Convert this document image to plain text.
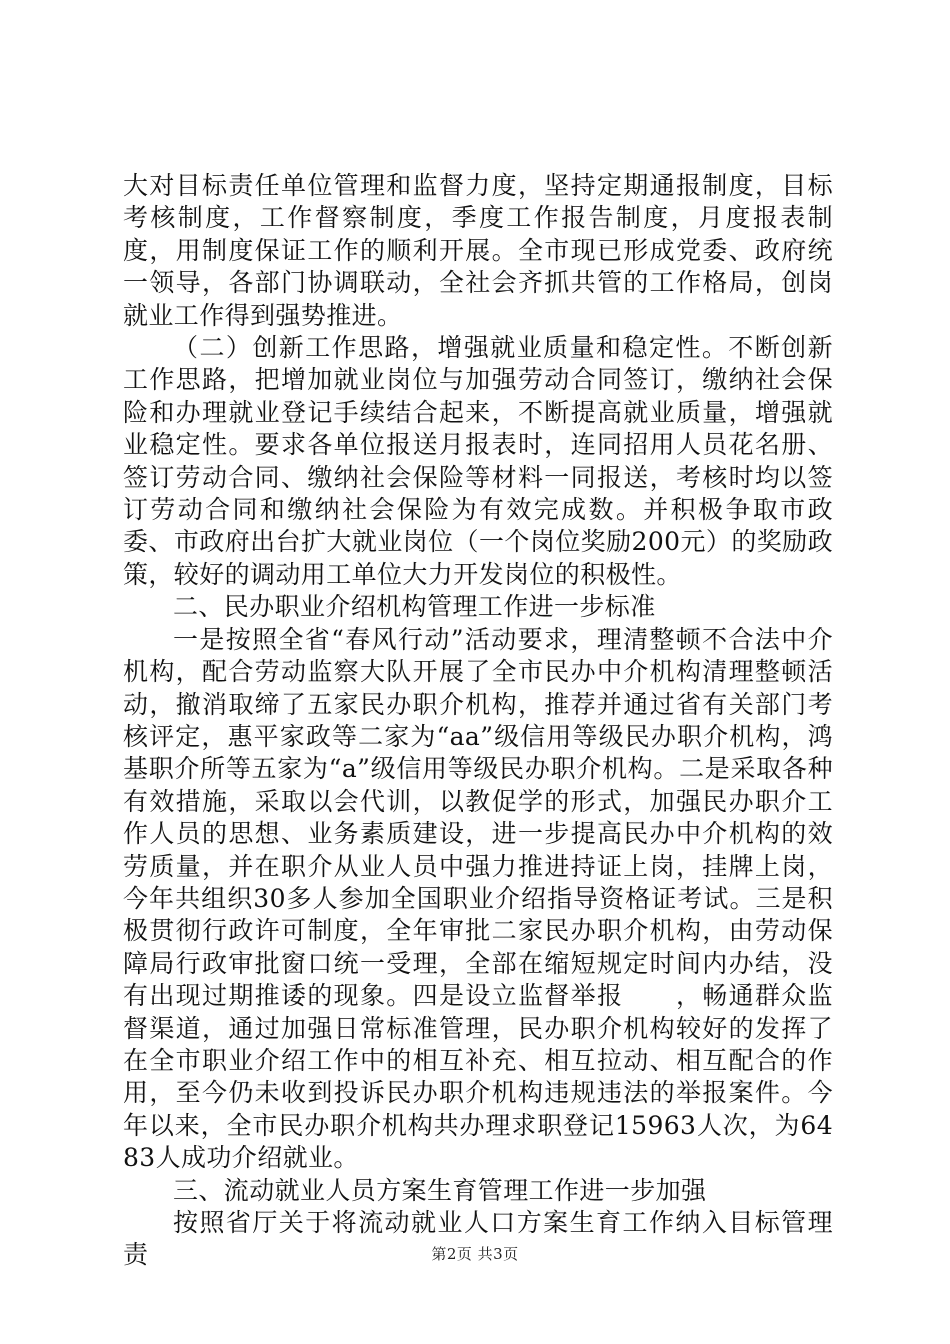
大对目标责任单位管理和监督力度，坚持定期通报制度，目标考核制度，工作督察制度，季度工作报告制度，月度报表制度，用制度保证工作的顺利开展。全市现已形成党委、政府统一领导，各部门协调联动，全社会齐抓共管的工作格局，创岗就业工作得到强势推进。

（二）创新工作思路，增强就业质量和稳定性。不断创新工作思路，把增加就业岗位与加强劳动合同签订，缴纳社会保险和办理就业登记手续结合起来，不断提高就业质量，增强就业稳定性。要求各单位报送月报表时，连同招用人员花名册、签订劳动合同、缴纳社会保险等材料一同报送，考核时均以签订劳动合同和缴纳社会保险为有效完成数。并积极争取市政委、市政府出台扩大就业岗位（一个岗位奖励200元）的奖励政策，较好的调动用工单位大力开发岗位的积极性。

二、民办职业介绍机构管理工作进一步标准

一是按照全省“春风行动”活动要求，理清整顿不合法中介机构，配合劳动监察大队开展了全市民办中介机构清理整顿活动，撤消取缔了五家民办职介机构，推荐并通过省有关部门考核评定，惠平家政等二家为“aa”级信用等级民办职介机构，鸿基职介所等五家为“a”级信用等级民办职介机构。二是采取各种有效措施，采取以会代训，以教促学的形式，加强民办职介工作人员的思想、业务素质建设，进一步提高民办中介机构的效劳质量，并在职介从业人员中强力推进持证上岗，挂牌上岗，今年共组织30多人参加全国职业介绍指导资格证考试。三是积极贯彻行政许可制度，全年审批二家民办职介机构，由劳动保障局行政审批窗口统一受理，全部在缩短规定时间内办结，没有出现过期推诿的现象。四是设立监督举报　　，畅通群众监督渠道，通过加强日常标准管理，民办职介机构较好的发挥了在全市职业介绍工作中的相互补充、相互拉动、相互配合的作用，至今仍未收到投诉民办职介机构违规违法的举报案件。今年以来，全市民办职介机构共办理求职登记15963人次，为6483人成功介绍就业。

三、流动就业人员方案生育管理工作进一步加强

按照省厅关于将流动就业人口方案生育工作纳入目标管理责	第2页 共3页
